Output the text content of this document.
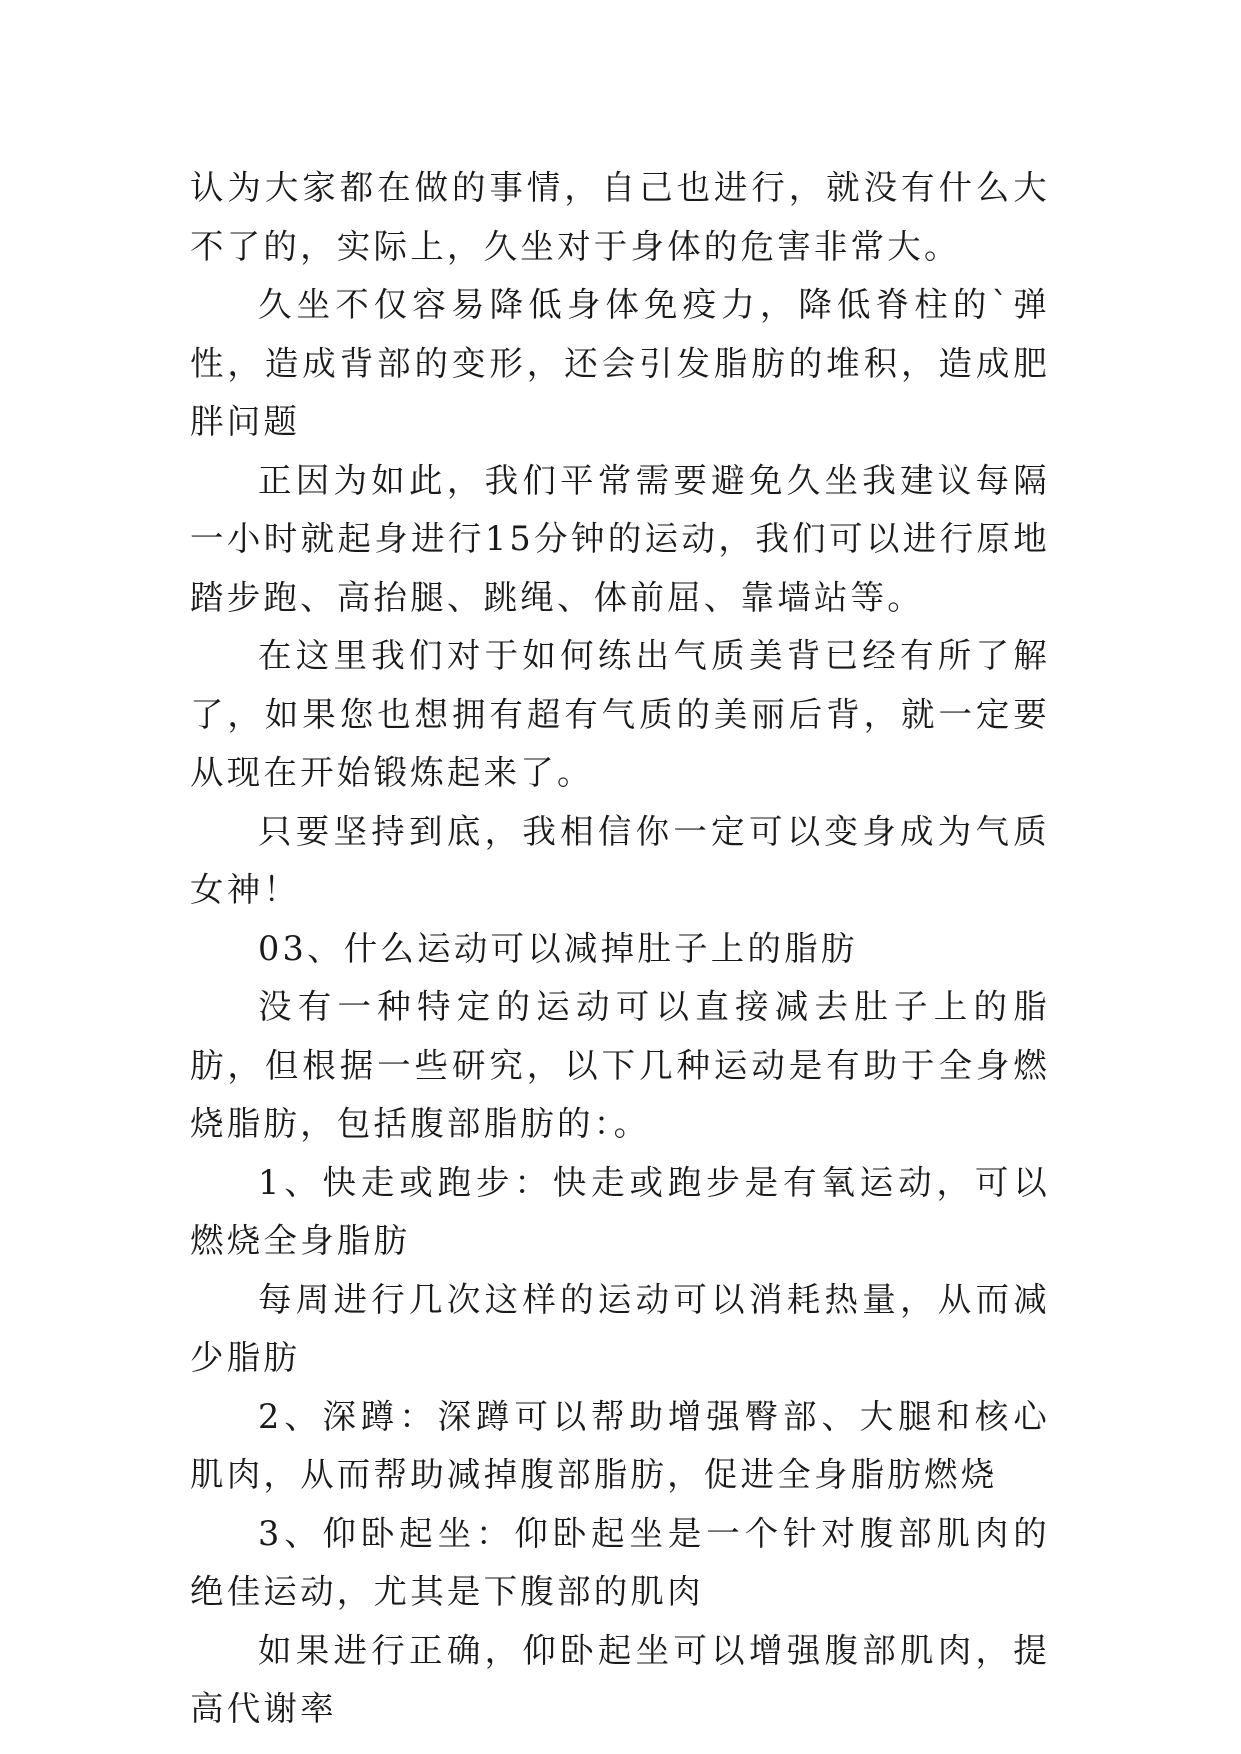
认为大家都在做的事情，自己也进行，就没有什么大不了的，实际上，久坐对于身体的危害非常大。

久坐不仅容易降低身体免疫力，降低脊柱的`弹性，造成背部的变形，还会引发脂肪的堆积，造成肥胖问题

正因为如此，我们平常需要避免久坐我建议每隔一小时就起身进行15分钟的运动，我们可以进行原地踏步跑、高抬腿、跳绳、体前屈、靠墙站等。

在这里我们对于如何练出气质美背已经有所了解了，如果您也想拥有超有气质的美丽后背，就一定要从现在开始锻炼起来了。

只要坚持到底，我相信你一定可以变身成为气质女神！

03、什么运动可以减掉肚子上的脂肪

没有一种特定的运动可以直接减去肚子上的脂肪，但根据一些研究，以下几种运动是有助于全身燃烧脂肪，包括腹部脂肪的：。

1、快走或跑步：快走或跑步是有氧运动，可以燃烧全身脂肪

每周进行几次这样的运动可以消耗热量，从而减少脂肪

2、深蹲：深蹲可以帮助增强臀部、大腿和核心肌肉，从而帮助减掉腹部脂肪，促进全身脂肪燃烧

3、仰卧起坐：仰卧起坐是一个针对腹部肌肉的绝佳运动，尤其是下腹部的肌肉

如果进行正确，仰卧起坐可以增强腹部肌肉，提高代谢率
